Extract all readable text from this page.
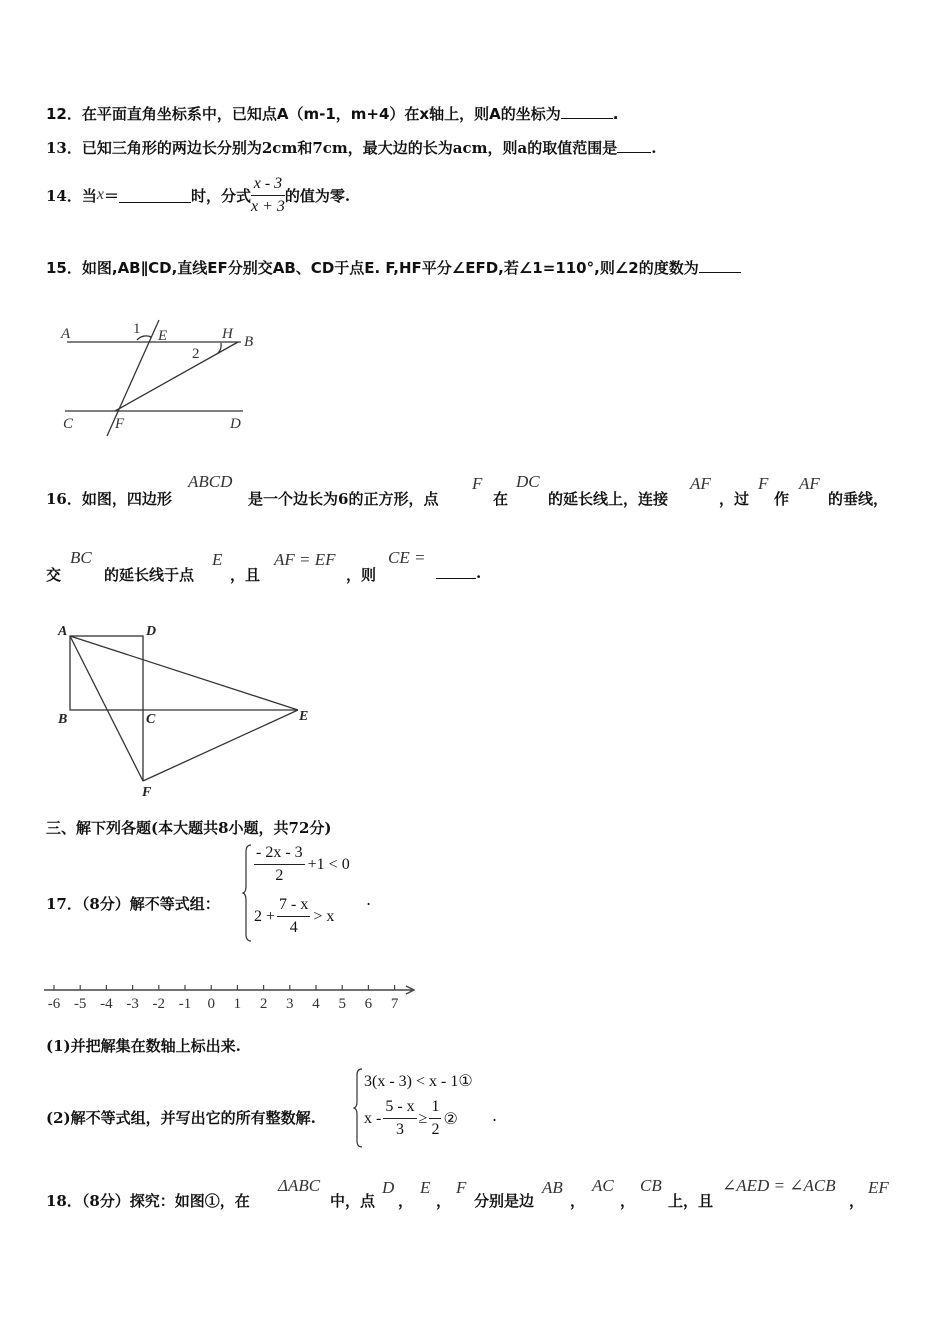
12．在平面直角坐标系中，已知点A（m-1，m+4）在x轴上，则A的坐标为	.
13．已知三角形的两边长分别为2cm和7cm，最大边的长为acm，则a的取值范围是 .
14．当 x ＝	时，分式 $\frac{x - 3}{x + 3}$ 的值为零.
15．如图,AB∥CD,直线EF分别交AB、CD于点E. F,HF平分∠EFD,若∠1=110°,则∠2的度数为
A	1 E	H B
2
C	F	D
16．如图，四边形
ABCD
是一个边长为6的正方形，点
F
在
DC
的延长线上，连接
AF
，过
F
作
AF
的垂线，
交
BC
的延长线于点
E
，且
AF = EF
，则
CE =
.
A	D
B	C	E
F
三、解下列各题(本大题共8小题，共72分)
17．（8分）解不等式组：
$\frac{- 2x - 3}{2} +1 < 0$
$2 + \frac{7 - x}{4} > x$
.
-6 -5 -4 -3 -2 -1 0 1 2 3 4 5 6 7
(1)并把解集在数轴上标出来.
(2)解不等式组，并写出它的所有整数解.
3(x - 3) < x - 1①
$x - \frac{5 - x}{3} \ge \frac{1}{2}$ ② .
18．（8分）探究：如图①，在
ΔABC
中，点
D
，
E
，
F
分别是边
AB
，
AC
，
CB
上，且
∠AED = ∠ACB
，
EF
